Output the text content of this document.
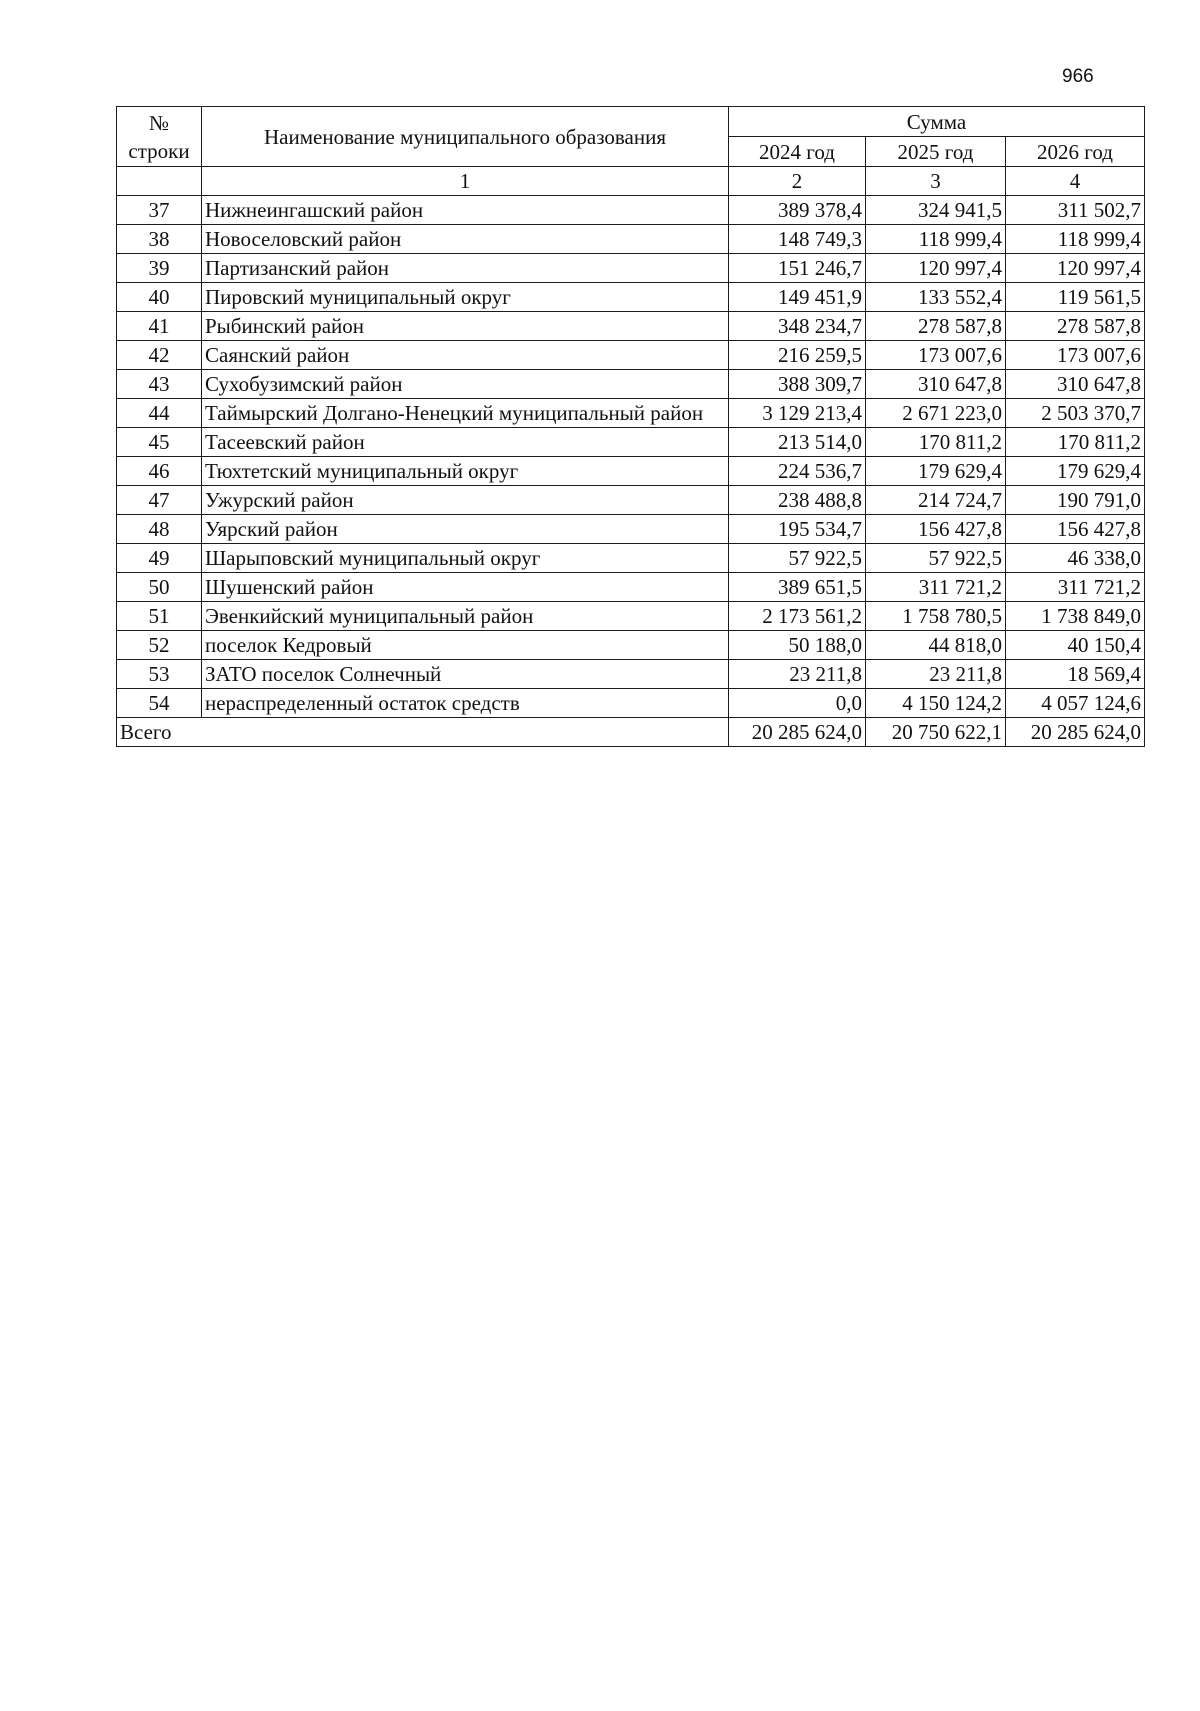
966
№
строки	Наименование муниципального образования	Сумма		
		2024 год	2025 год	2026 год
	1	2	3	4
37	Нижнеингашский район	389 378,4	324 941,5	311 502,7
38	Новоселовский район	148 749,3	118 999,4	118 999,4
39	Партизанский район	151 246,7	120 997,4	120 997,4
40	Пировский муниципальный округ	149 451,9	133 552,4	119 561,5
41	Рыбинский район	348 234,7	278 587,8	278 587,8
42	Саянский район	216 259,5	173 007,6	173 007,6
43	Сухобузимский район	388 309,7	310 647,8	310 647,8
44	Таймырский Долгано-Ненецкий муниципальный район	3 129 213,4	2 671 223,0	2 503 370,7
45	Тасеевский район	213 514,0	170 811,2	170 811,2
46	Тюхтетский муниципальный округ	224 536,7	179 629,4	179 629,4
47	Ужурский район	238 488,8	214 724,7	190 791,0
48	Уярский район	195 534,7	156 427,8	156 427,8
49	Шарыповский муниципальный округ	57 922,5	57 922,5	46 338,0
50	Шушенский район	389 651,5	311 721,2	311 721,2
51	Эвенкийский муниципальный район	2 173 561,2	1 758 780,5	1 738 849,0
52	поселок Кедровый	50 188,0	44 818,0	40 150,4
53	ЗАТО поселок Солнечный	23 211,8	23 211,8	18 569,4
54	нераспределенный остаток средств	0,0	4 150 124,2	4 057 124,6
Всего		20 285 624,0	20 750 622,1	20 285 624,0
